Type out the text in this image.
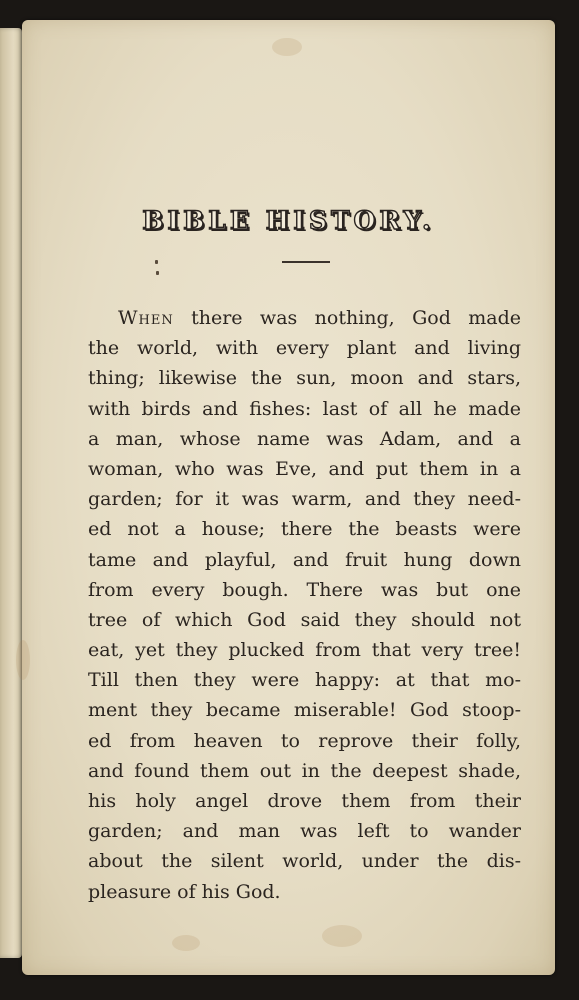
BIBLE HISTORY.
When there was nothing, God made
the world, with every plant and living
thing; likewise the sun, moon and stars,
with birds and fishes: last of all he made
a man, whose name was Adam, and a
woman, who was Eve, and put them in a
garden; for it was warm, and they need-
ed not a house; there the beasts were
tame and playful, and fruit hung down
from every bough. There was but one
tree of which God said they should not
eat, yet they plucked from that very tree!
Till then they were happy: at that mo-
ment they became miserable! God stoop-
ed from heaven to reprove their folly,
and found them out in the deepest shade,
his holy angel drove them from their
garden; and man was left to wander
about the silent world, under the dis-
pleasure of his God.
